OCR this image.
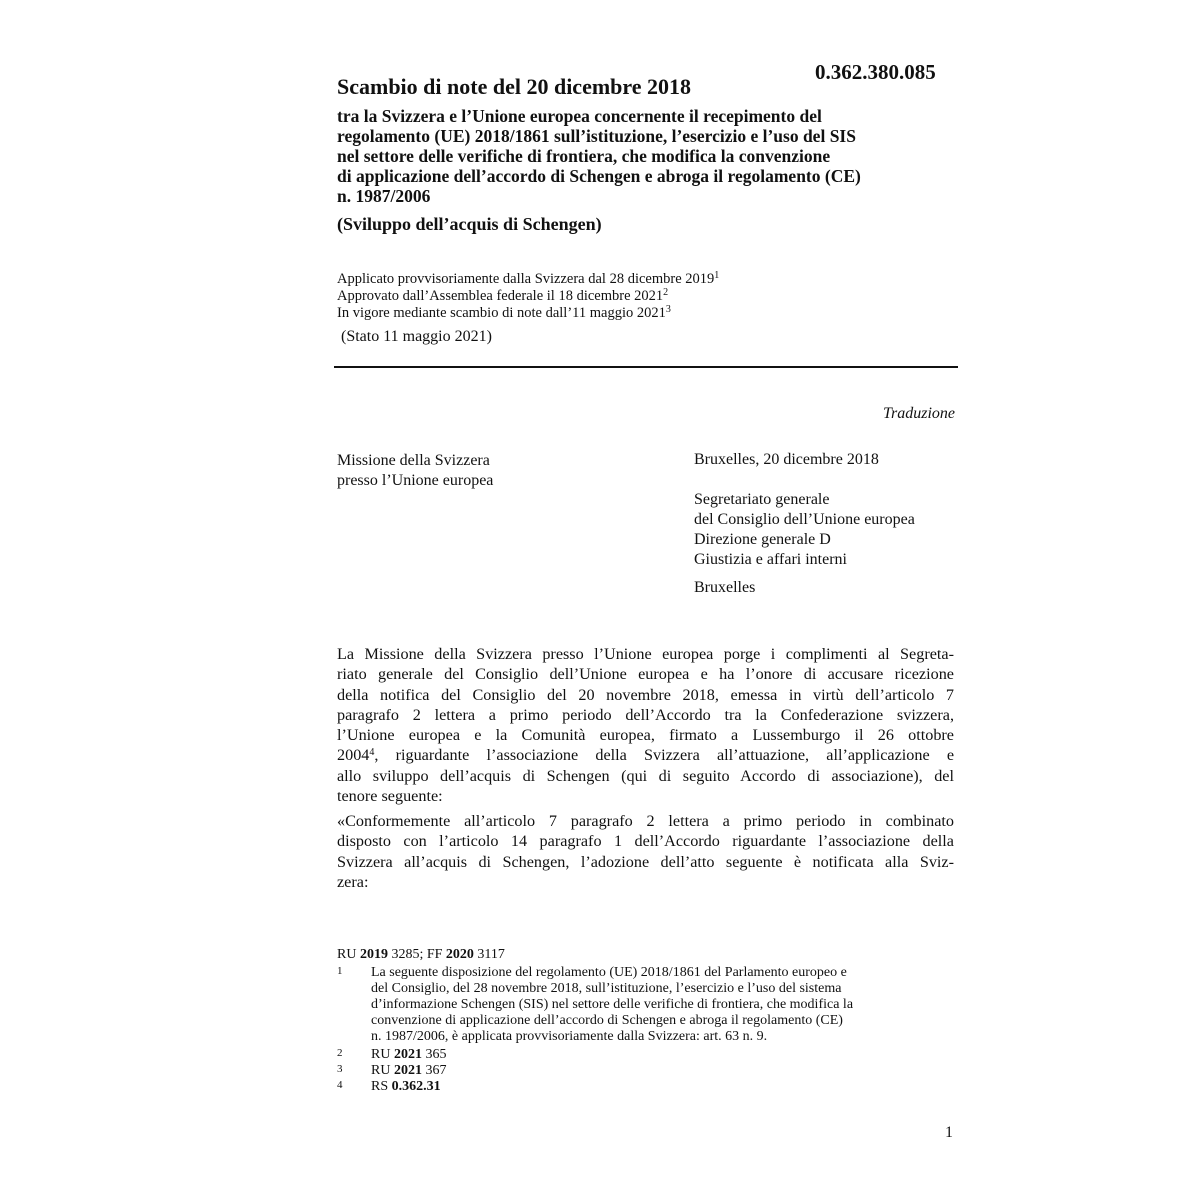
0.362.380.085
Scambio di note del 20 dicembre 2018
tra la Svizzera e l’Unione europea concernente il recepimento del
regolamento (UE) 2018/1861 sull’istituzione, l’esercizio e l’uso del SIS
nel settore delle verifiche di frontiera, che modifica la convenzione
di applicazione dell’accordo di Schengen e abroga il regolamento (CE)
n. 1987/2006
(Sviluppo dell’acquis di Schengen)
Applicato provvisoriamente dalla Svizzera dal 28 dicembre 2019$^1$
Approvato dall’Assemblea federale il 18 dicembre 2021$^2$
In vigore mediante scambio di note dall’11 maggio 2021$^3$
(Stato 11 maggio 2021)
Traduzione
Missione della Svizzera
presso l’Unione europea
Bruxelles, 20 dicembre 2018
Segretariato generale
del Consiglio dell’Unione europea
Direzione generale D
Giustizia e affari interni
Bruxelles
La Missione della Svizzera presso l’Unione europea porge i complimenti al Segreta-
riato generale del Consiglio dell’Unione europea e ha l’onore di accusare ricezione
della notifica del Consiglio del 20 novembre 2018, emessa in virtù dell’articolo 7
paragrafo 2 lettera a primo periodo dell’Accordo tra la Confederazione svizzera,
l’Unione europea e la Comunità europea, firmato a Lussemburgo il 26 ottobre
2004$^4$, riguardante l’associazione della Svizzera all’attuazione, all’applicazione e
allo sviluppo dell’acquis di Schengen (qui di seguito Accordo di associazione), del
tenore seguente:
«Conformemente all’articolo 7 paragrafo 2 lettera a primo periodo in combinato
disposto con l’articolo 14 paragrafo 1 dell’Accordo riguardante l’associazione della
Svizzera all’acquis di Schengen, l’adozione dell’atto seguente è notificata alla Sviz-
zera:
RU 2019 3285; FF 2020 3117
1 La seguente disposizione del regolamento (UE) 2018/1861 del Parlamento europeo e
del Consiglio, del 28 novembre 2018, sull’istituzione, l’esercizio e l’uso del sistema
d’informazione Schengen (SIS) nel settore delle verifiche di frontiera, che modifica la
convenzione di applicazione dell’accordo di Schengen e abroga il regolamento (CE)
n. 1987/2006, è applicata provvisoriamente dalla Svizzera: art. 63 n. 9.
2 RU 2021 365
3 RU 2021 367
4 RS 0.362.31
1
